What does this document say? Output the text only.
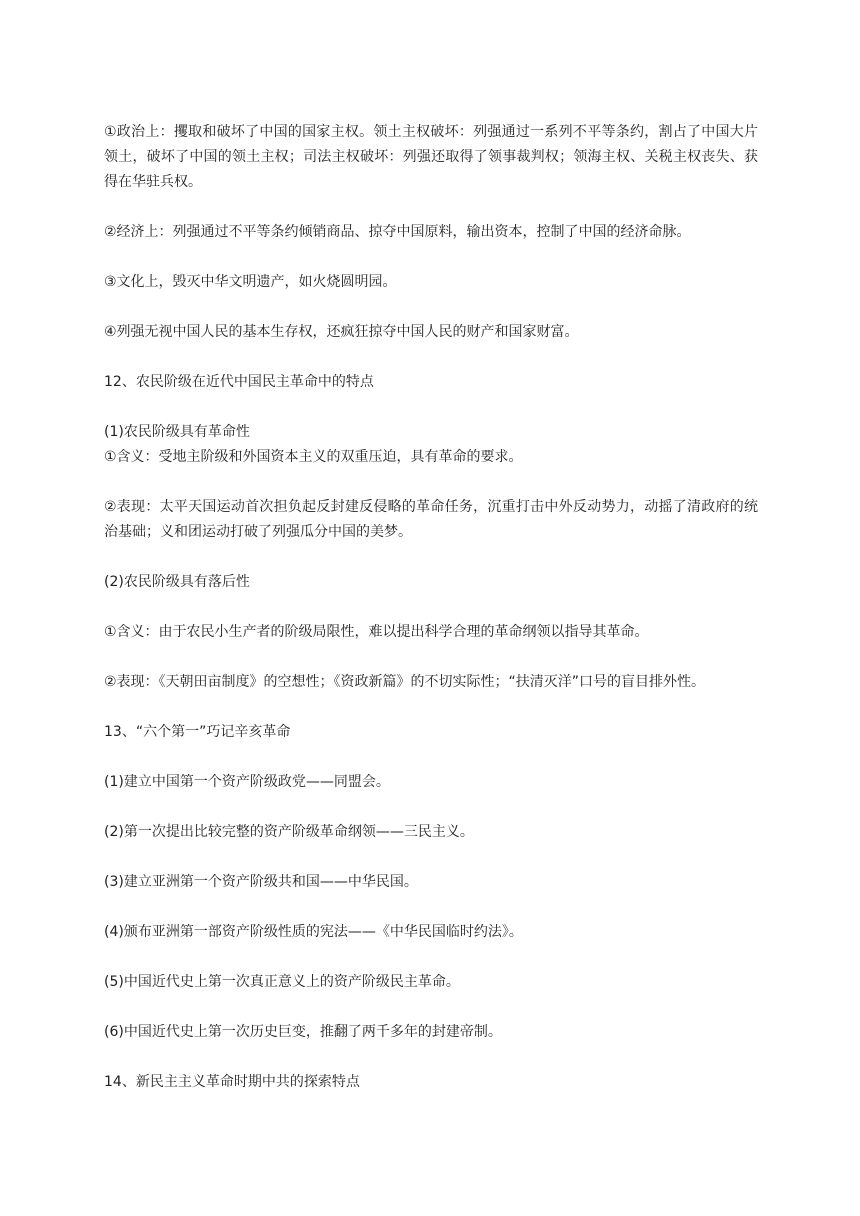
①政治上：攫取和破坏了中国的国家主权。领土主权破坏：列强通过一系列不平等条约，割占了中国大片领土，破坏了中国的领土主权；司法主权破坏：列强还取得了领事裁判权；领海主权、关税主权丧失、获得在华驻兵权。

②经济上：列强通过不平等条约倾销商品、掠夺中国原料，输出资本，控制了中国的经济命脉。

③文化上，毁灭中华文明遗产，如火烧圆明园。

④列强无视中国人民的基本生存权，还疯狂掠夺中国人民的财产和国家财富。

12、农民阶级在近代中国民主革命中的特点

(1)农民阶级具有革命性

①含义：受地主阶级和外国资本主义的双重压迫，具有革命的要求。

②表现：太平天国运动首次担负起反封建反侵略的革命任务，沉重打击中外反动势力，动摇了清政府的统治基础；义和团运动打破了列强瓜分中国的美梦。

(2)农民阶级具有落后性

①含义：由于农民小生产者的阶级局限性，难以提出科学合理的革命纲领以指导其革命。

②表现：《天朝田亩制度》的空想性；《资政新篇》的不切实际性；“扶清灭洋”口号的盲目排外性。

13、“六个第一”巧记辛亥革命

(1)建立中国第一个资产阶级政党——同盟会。

(2)第一次提出比较完整的资产阶级革命纲领——三民主义。

(3)建立亚洲第一个资产阶级共和国——中华民国。

(4)颁布亚洲第一部资产阶级性质的宪法——《中华民国临时约法》。

(5)中国近代史上第一次真正意义上的资产阶级民主革命。

(6)中国近代史上第一次历史巨变，推翻了两千多年的封建帝制。

14、新民主主义革命时期中共的探索特点
